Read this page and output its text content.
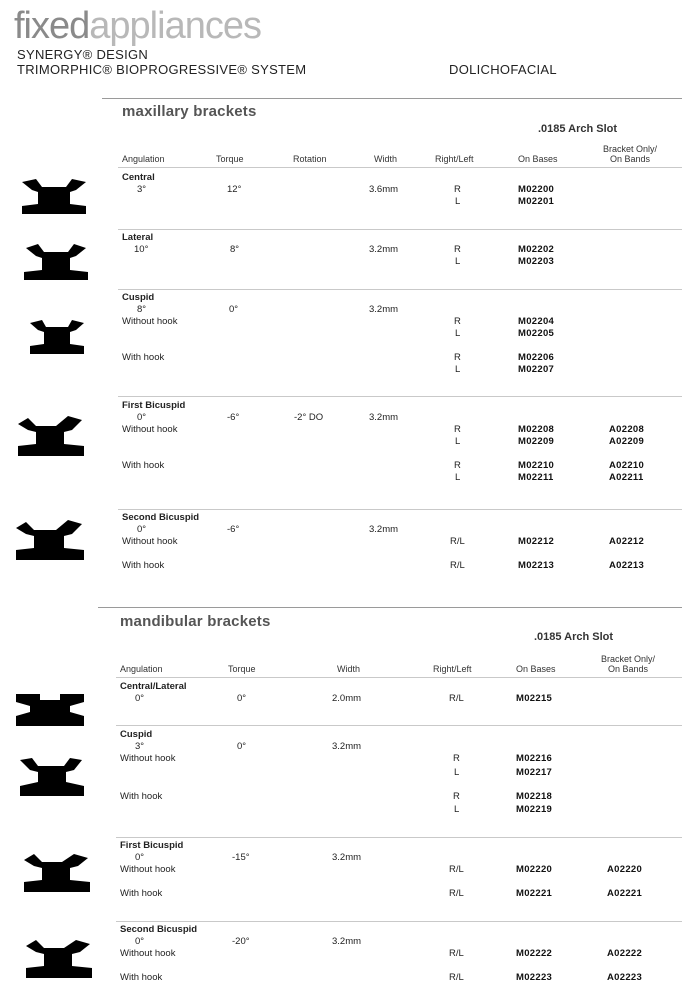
fixedappliances
SYNERGY® DESIGN
TRIMORPHIC® BIOPROGRESSIVE® SYSTEM	DOLICHOFACIAL
maxillary brackets
.0185 Arch Slot
Angulation	Torque	Rotation	Width	Right/Left	On Bases
Bracket Only/
On Bands
Central
3°	12°	3.6mm	R	M02200
L	M02201
Lateral
10°	8°	3.2mm	R	M02202
L	M02203
Cuspid
8°	0°	3.2mm
Without hook	R	M02204
L	M02205
With hook	R	M02206
L	M02207
First Bicuspid
0°	-6°	-2° DO	3.2mm
Without hook	R	M02208	A02208
L	M02209	A02209
With hook	R	M02210	A02210
L	M02211	A02211
Second Bicuspid
0°	-6°	3.2mm
Without hook	R/L	M02212	A02212
With hook	R/L	M02213	A02213
mandibular brackets
.0185 Arch Slot
Angulation	Torque	Width	Right/Left	On Bases
Bracket Only/
On Bands
Central/Lateral
0°	0°	2.0mm	R/L	M02215
Cuspid
3°	0°	3.2mm
Without hook	R	M02216
L	M02217
With hook	R	M02218
L	M02219
First Bicuspid
0°	-15°	3.2mm
Without hook	R/L	M02220	A02220
With hook	R/L	M02221	A02221
Second Bicuspid
0°	-20°	3.2mm
Without hook	R/L	M02222	A02222
With hook	R/L	M02223	A02223
